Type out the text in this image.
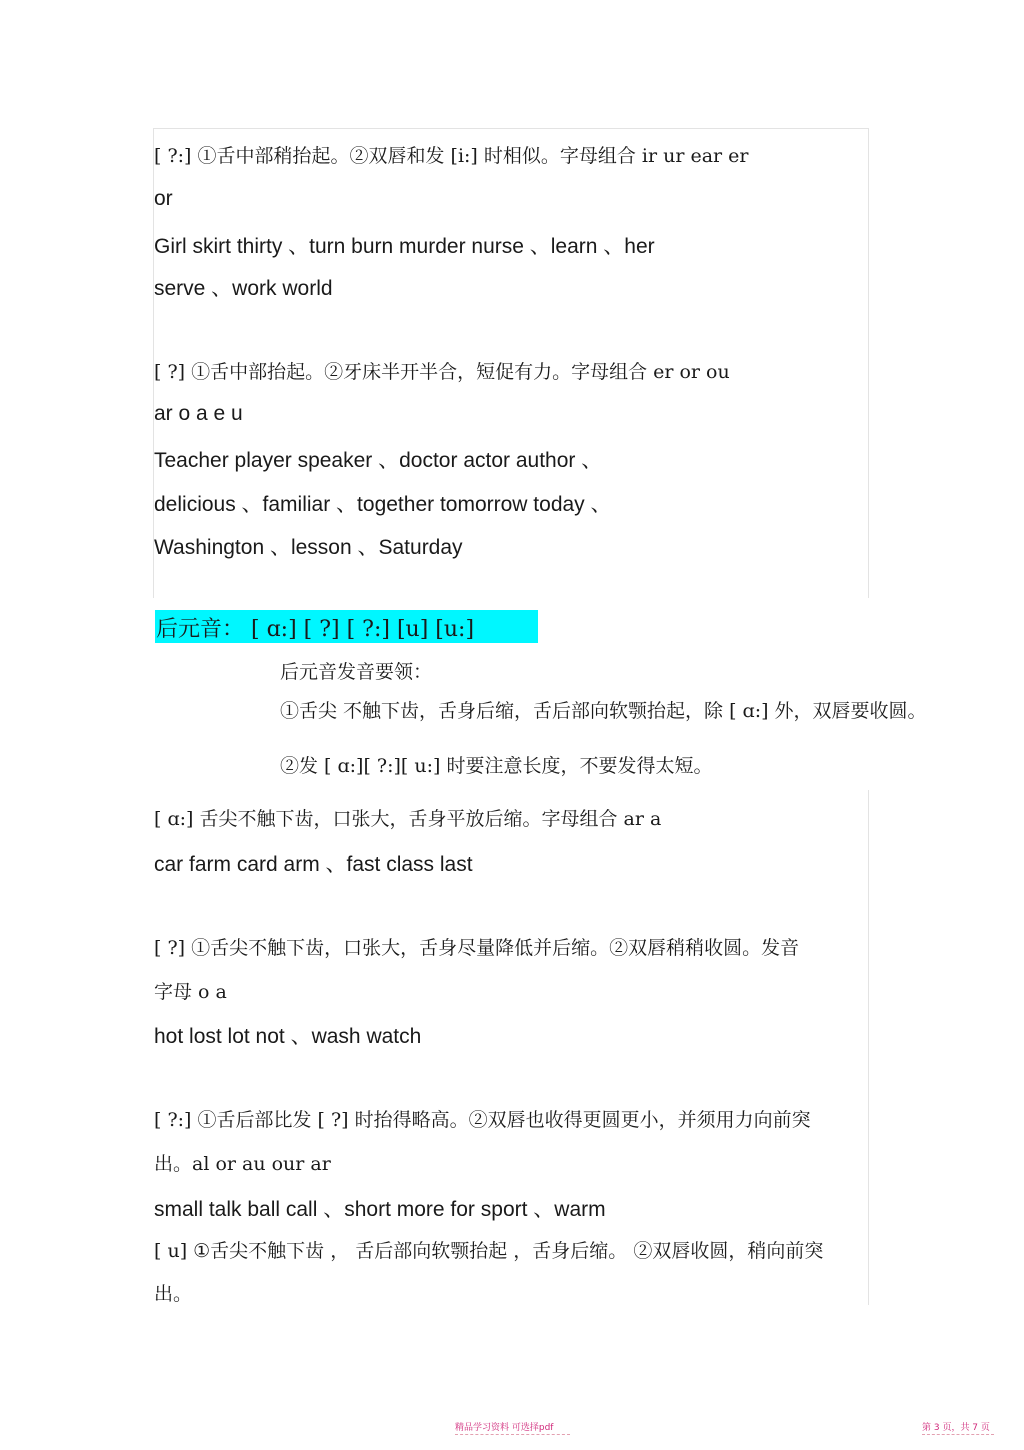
[ ?:] ①舌中部稍抬起。②双唇和发 [i:] 时相似。字母组合 ir ur ear er
or
Girl skirt thirty 、turn burn murder nurse 、learn 、her
serve 、work world
[ ?] ①舌中部抬起。②牙床半开半合，短促有力。字母组合 er or ou
ar o a e u
Teacher player speaker 、doctor actor author 、
delicious 、familiar 、together tomorrow today 、
Washington 、lesson 、Saturday
后元音： [ ɑ:] [ ?] [ ?:] [u] [u:]
后元音发音要领：
①舌尖 不触下齿，舌身后缩，舌后部向软颚抬起，除 [ ɑ:] 外，双唇要收圆。
②发 [ ɑ:][ ?:][ u:] 时要注意长度，不要发得太短。
[ ɑ:] 舌尖不触下齿，口张大，舌身平放后缩。字母组合 ar a
car farm card arm 、fast class last
[ ?] ①舌尖不触下齿，口张大，舌身尽量降低并后缩。②双唇稍稍收圆。发音
字母 o a
hot lost lot not 、wash watch
[ ?:] ①舌后部比发 [ ?] 时抬得略高。②双唇也收得更圆更小，并须用力向前突
出。al or au our ar
small talk ball call 、short more for sport 、warm
[ u] ①舌尖不触下齿 ， 舌后部向软颚抬起 ，舌身后缩。 ②双唇收圆，稍向前突
出。
精品学习资料 可选择pdf	第 3 页，共 7 页
